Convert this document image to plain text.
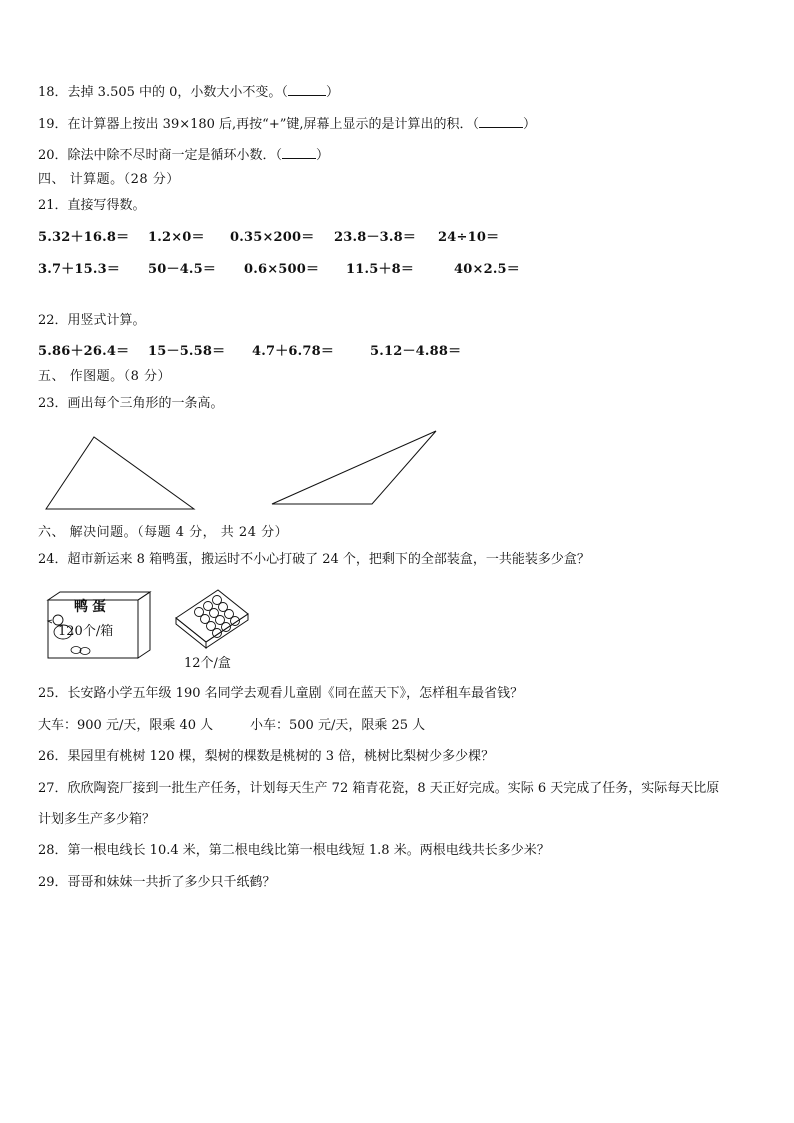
18．去掉 3.505 中的 0，小数大小不变。（	）
19．在计算器上按出 39×180 后,再按“+”键,屏幕上显示的是计算出的积．（	）
20．除法中除不尽时商一定是循环小数．（	）
四、 计算题。（28 分）
21．直接写得数。
5.32＋16.8＝ 1.2×0＝ 0.35×200＝ 23.8－3.8＝ 24÷10＝
3.7＋15.3＝ 50－4.5＝ 0.6×500＝ 11.5＋8＝	40×2.5＝
22．用竖式计算。
5.86＋26.4＝ 15－5.58＝ 4.7＋6.78＝	5.12－4.88＝
五、 作图题。（8 分）
23．画出每个三角形的一条高。
六、 解决问题。（每题 4 分， 共 24 分）
24．超市新运来 8 箱鸭蛋，搬运时不小心打破了 24 个，把剩下的全部装盒，一共能装多少盒？
鸭蛋
120个/箱
12个/盒
25．长安路小学五年级 190 名同学去观看儿童剧《同在蓝天下》，怎样租车最省钱？
大车：900 元/天，限乘 40 人	小车：500 元/天，限乘 25 人
26．果园里有桃树 120 棵，梨树的棵数是桃树的 3 倍，桃树比梨树少多少棵？
27．欣欣陶瓷厂接到一批生产任务，计划每天生产 72 箱青花瓷，8 天正好完成。实际 6 天完成了任务，实际每天比原
计划多生产多少箱？
28．第一根电线长 10.4 米，第二根电线比第一根电线短 1.8 米。两根电线共长多少米？
29．哥哥和妹妹一共折了多少只千纸鹤？
